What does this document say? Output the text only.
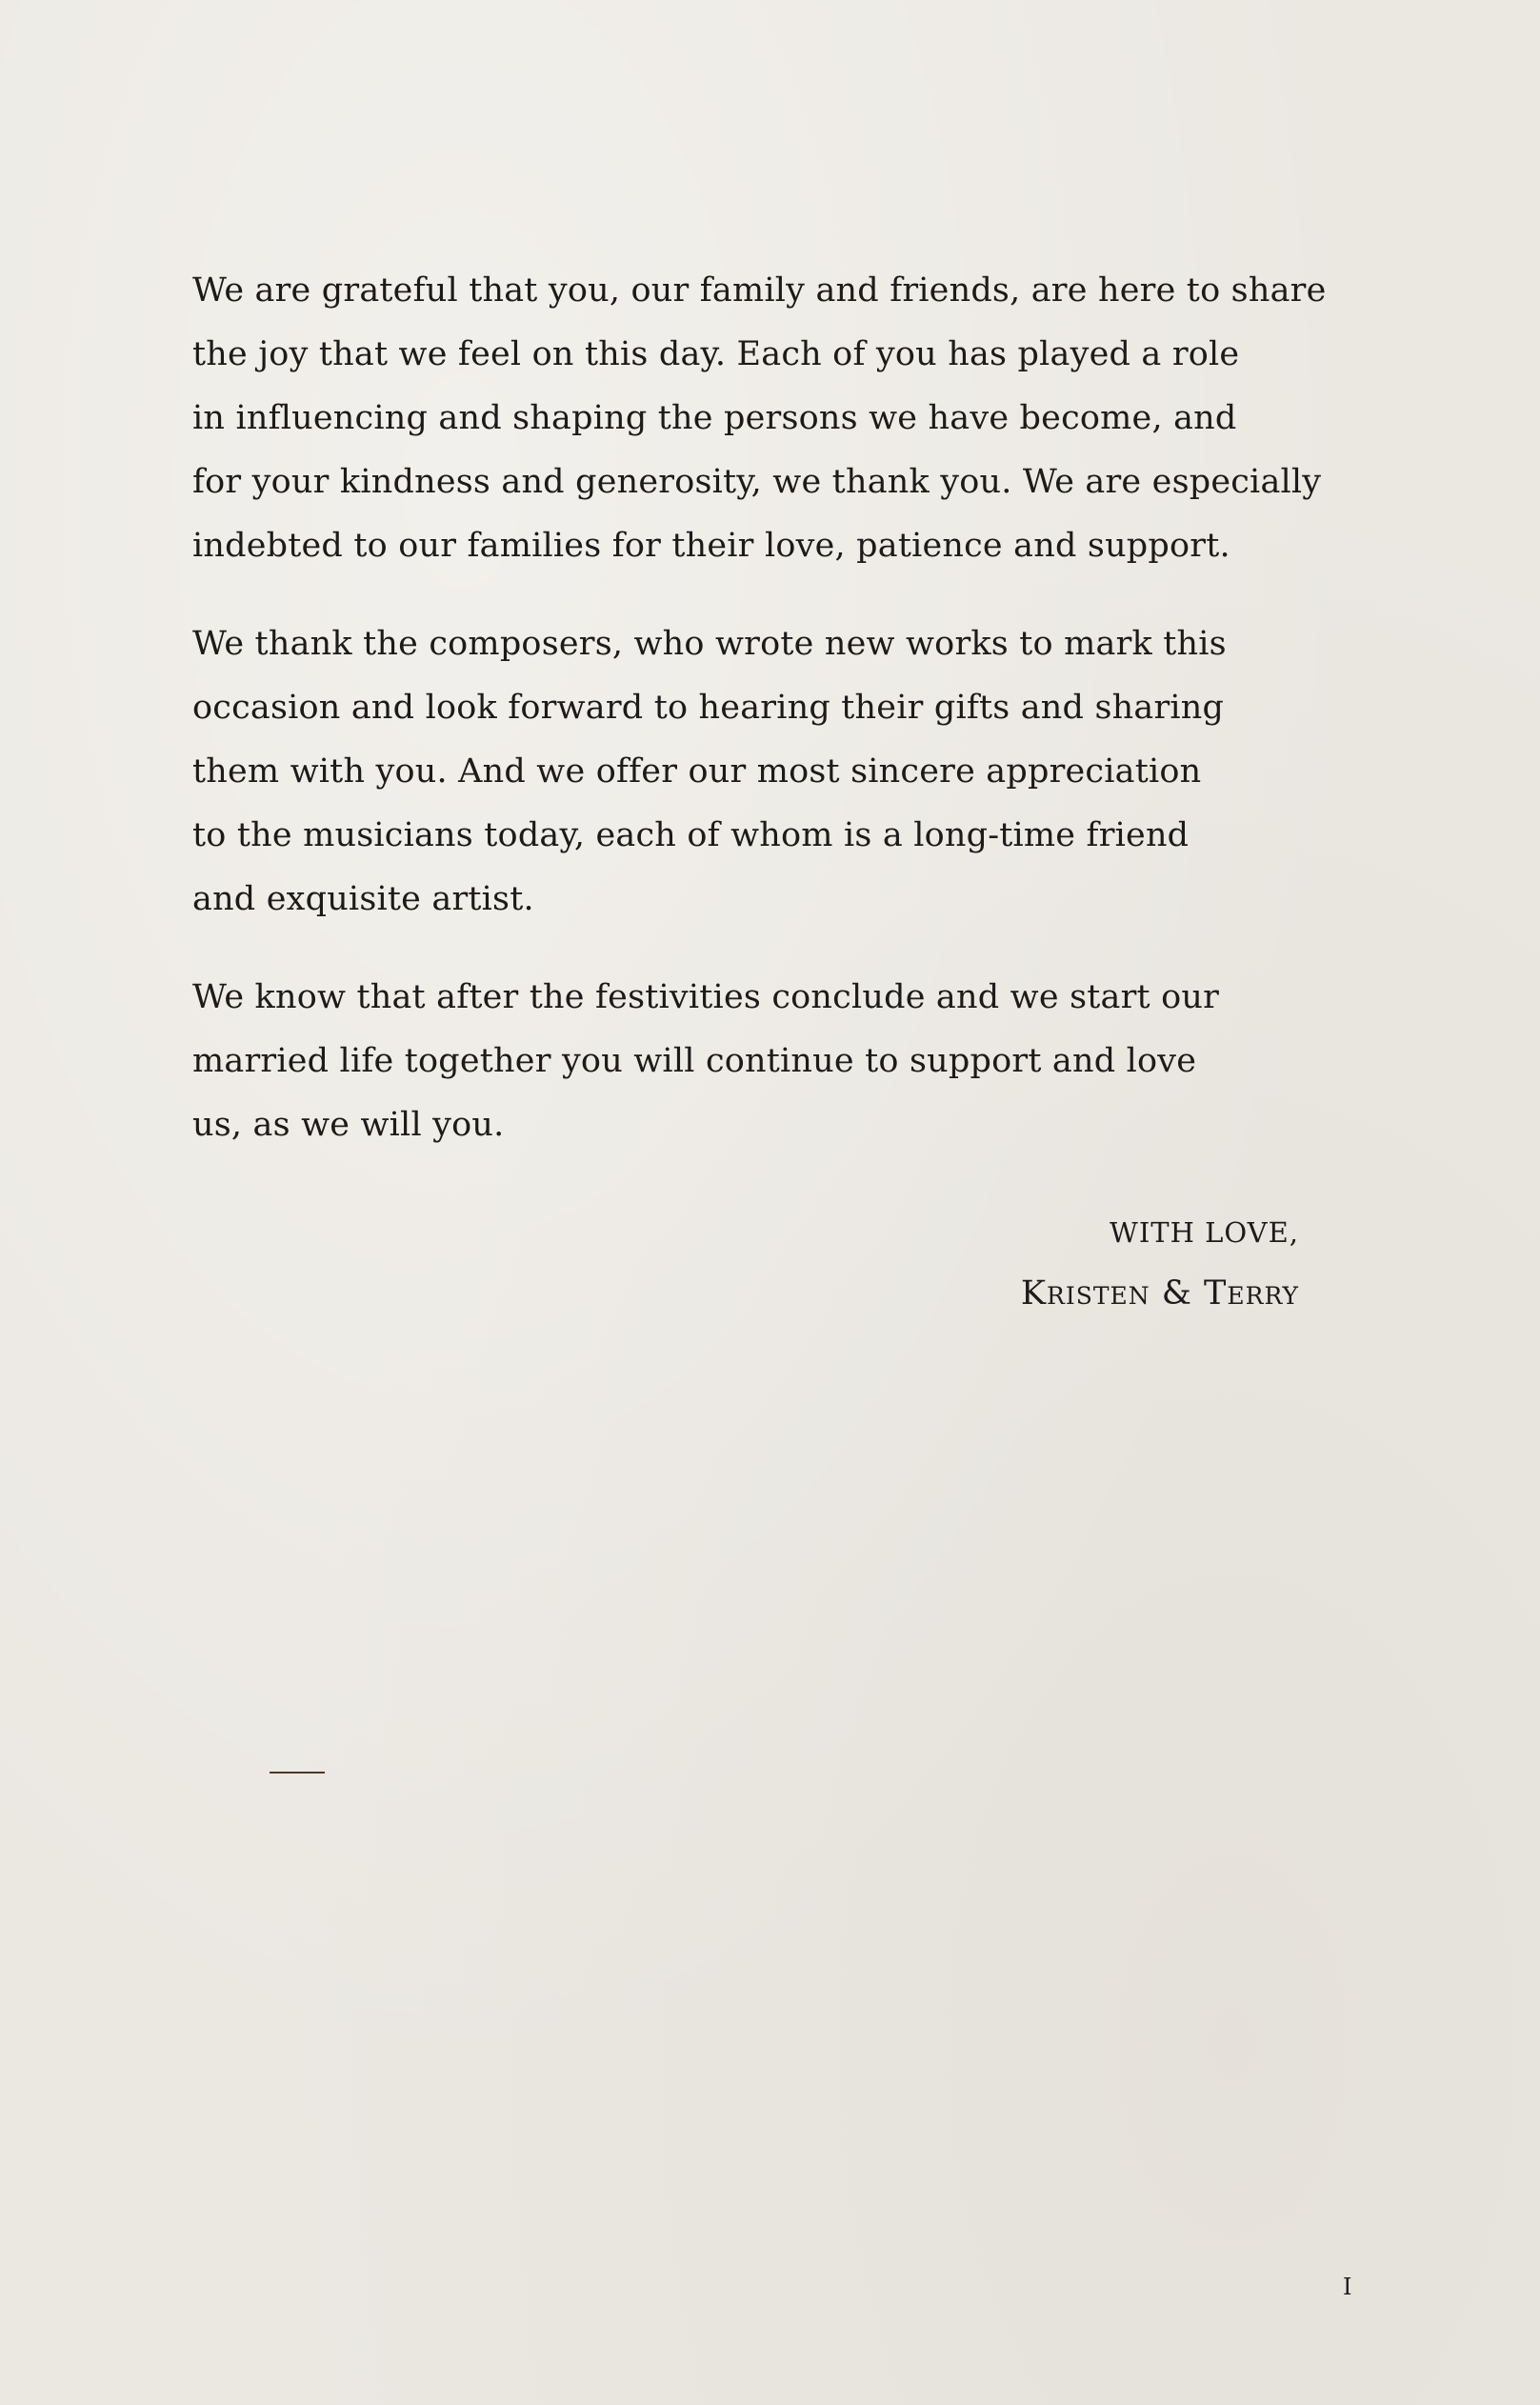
We are grateful that you, our family and friends, are here to share
the joy that we feel on this day. Each of you has played a role
in influencing and shaping the persons we have become, and
for your kindness and generosity, we thank you. We are especially
indebted to our families for their love, patience and support.

We thank the composers, who wrote new works to mark this
occasion and look forward to hearing their gifts and sharing
them with you. And we offer our most sincere appreciation
to the musicians today, each of whom is a long-time friend
and exquisite artist.

We know that after the festivities conclude and we start our
married life together you will continue to support and love
us, as we will you.

WITH LOVE,
Kristen & Terry
I
